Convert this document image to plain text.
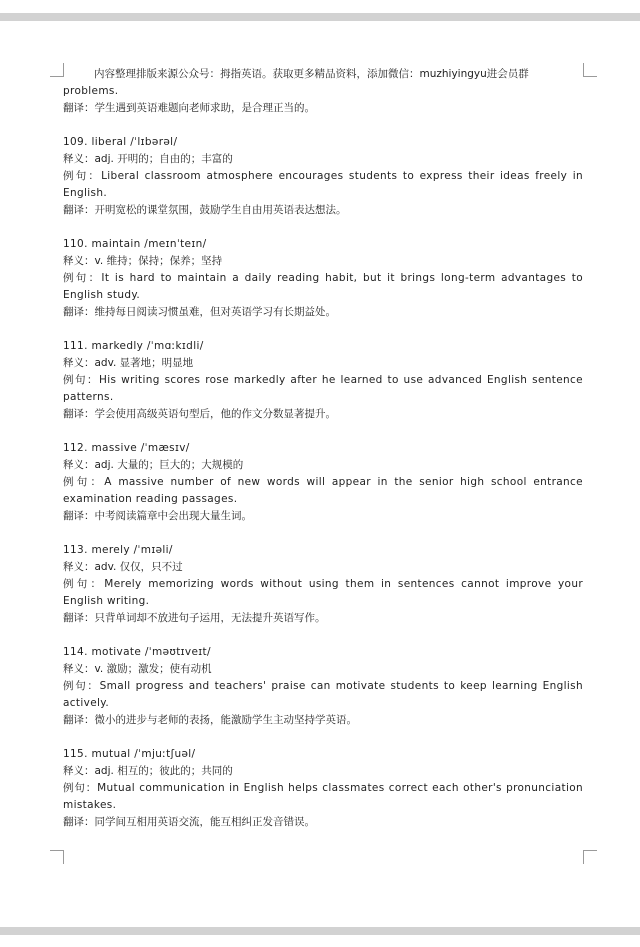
内容整理排版来源公众号：拇指英语。获取更多精品资料，添加微信：muzhiyingyu进会员群

problems.

翻译：学生遇到英语难题向老师求助，是合理正当的。

109. liberal /ˈlɪbərəl/

释义：adj. 开明的；自由的；丰富的

例句：Liberal classroom atmosphere encourages students to express their ideas freely in English.

翻译：开明宽松的课堂氛围，鼓励学生自由用英语表达想法。

110. maintain /meɪnˈteɪn/

释义：v. 维持；保持；保养；坚持

例句：It is hard to maintain a daily reading habit, but it brings long-term advantages to English study.

翻译：维持每日阅读习惯虽难，但对英语学习有长期益处。

111. markedly /ˈmɑːkɪdli/

释义：adv. 显著地；明显地

例句：His writing scores rose markedly after he learned to use advanced English sentence patterns.

翻译：学会使用高级英语句型后，他的作文分数显著提升。

112. massive /ˈmæsɪv/

释义：adj. 大量的；巨大的；大规模的

例句：A massive number of new words will appear in the senior high school entrance examination reading passages.

翻译：中考阅读篇章中会出现大量生词。

113. merely /ˈmɪəli/

释义：adv. 仅仅，只不过

例句：Merely memorizing words without using them in sentences cannot improve your English writing.

翻译：只背单词却不放进句子运用，无法提升英语写作。

114. motivate /ˈməʊtɪveɪt/

释义：v. 激励；激发；使有动机

例句：Small progress and teachers' praise can motivate students to keep learning English actively.

翻译：微小的进步与老师的表扬，能激励学生主动坚持学英语。

115. mutual /ˈmjuːtʃuəl/

释义：adj. 相互的；彼此的；共同的

例句：Mutual communication in English helps classmates correct each other's pronunciation mistakes.

翻译：同学间互相用英语交流，能互相纠正发音错误。
